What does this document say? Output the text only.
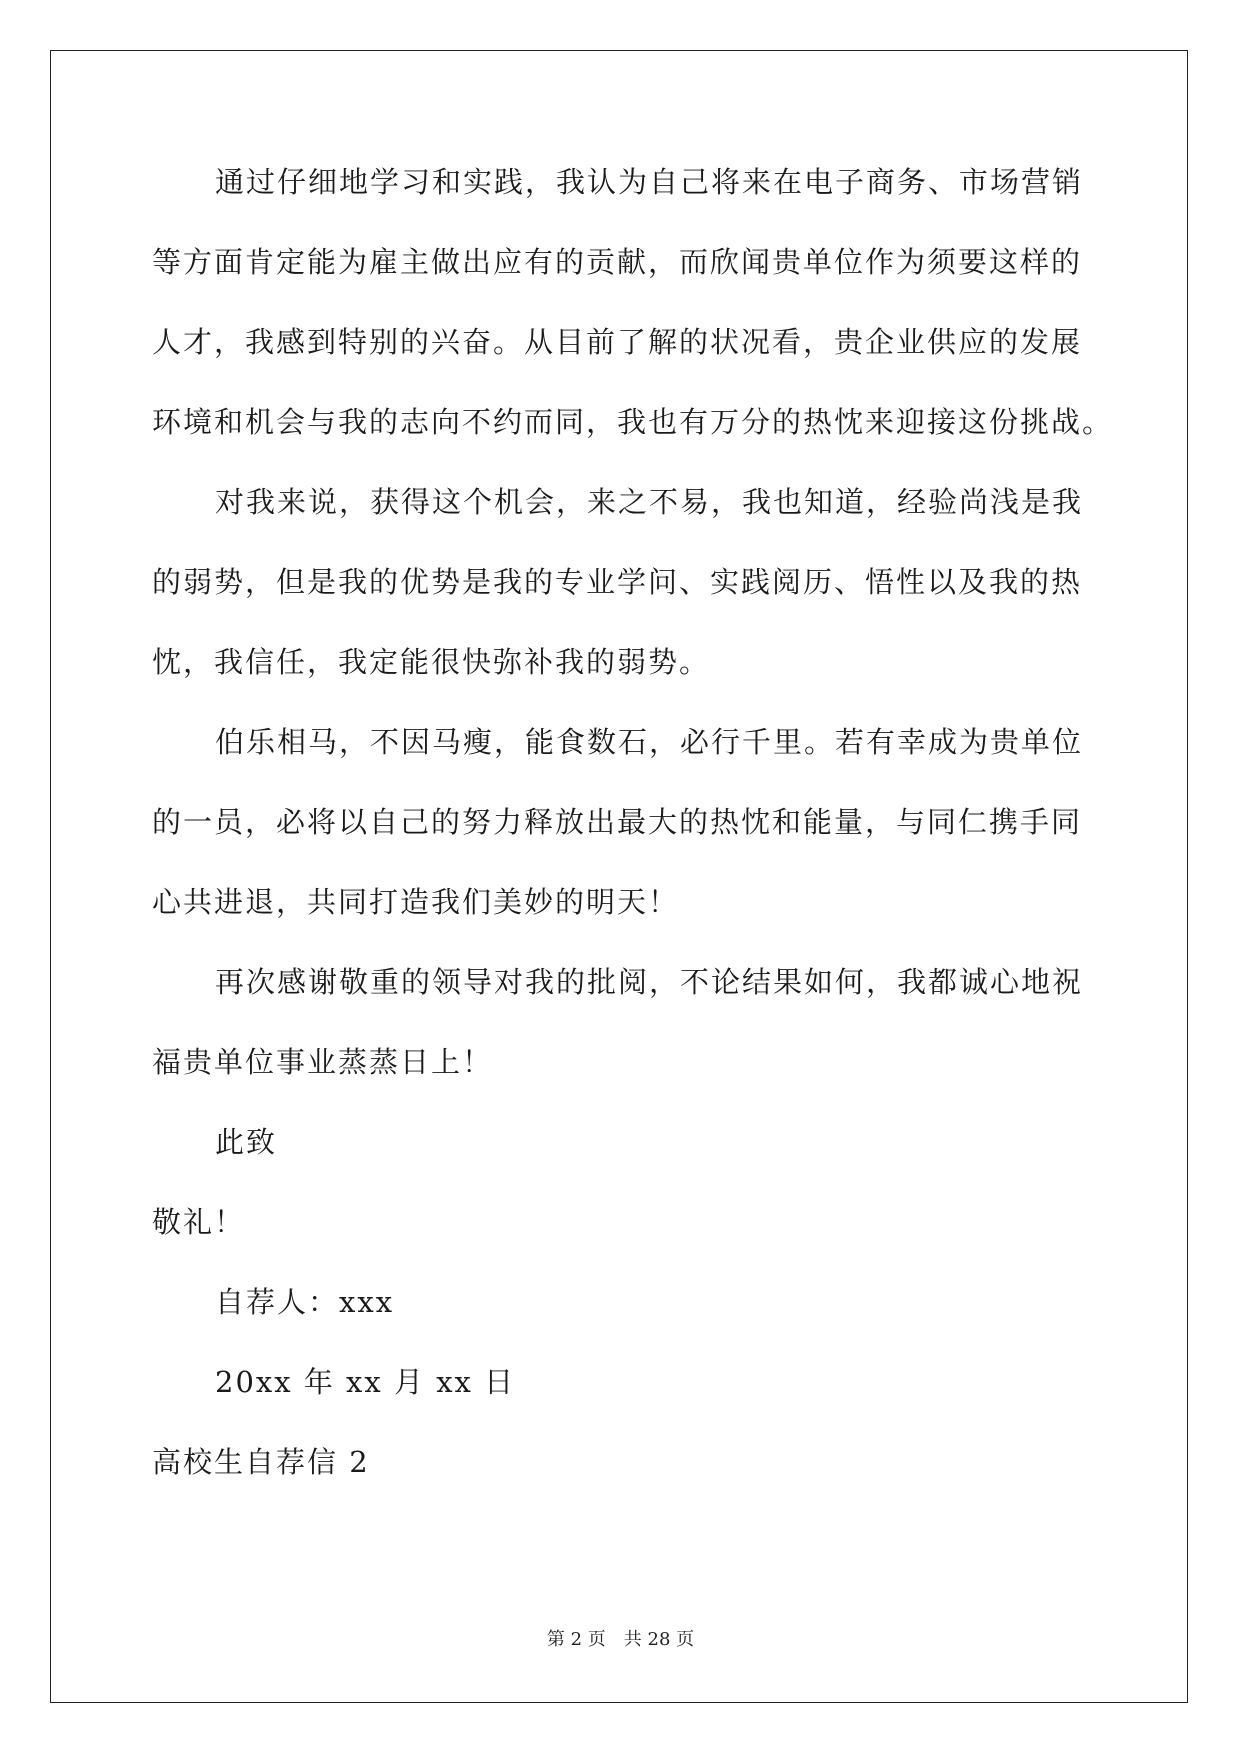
通过仔细地学习和实践，我认为自己将来在电子商务、市场营销
等方面肯定能为雇主做出应有的贡献，而欣闻贵单位作为须要这样的
人才，我感到特别的兴奋。从目前了解的状况看，贵企业供应的发展
环境和机会与我的志向不约而同，我也有万分的热忱来迎接这份挑战。
对我来说，获得这个机会，来之不易，我也知道，经验尚浅是我
的弱势，但是我的优势是我的专业学问、实践阅历、悟性以及我的热
忱，我信任，我定能很快弥补我的弱势。
伯乐相马，不因马瘦，能食数石，必行千里。若有幸成为贵单位
的一员，必将以自己的努力释放出最大的热忱和能量，与同仁携手同
心共进退，共同打造我们美妙的明天！
再次感谢敬重的领导对我的批阅，不论结果如何，我都诚心地祝
福贵单位事业蒸蒸日上！
此致
敬礼！
自荐人：xxx
20xx 年 xx 月 xx 日
高校生自荐信 2
第 2 页　共 28 页
